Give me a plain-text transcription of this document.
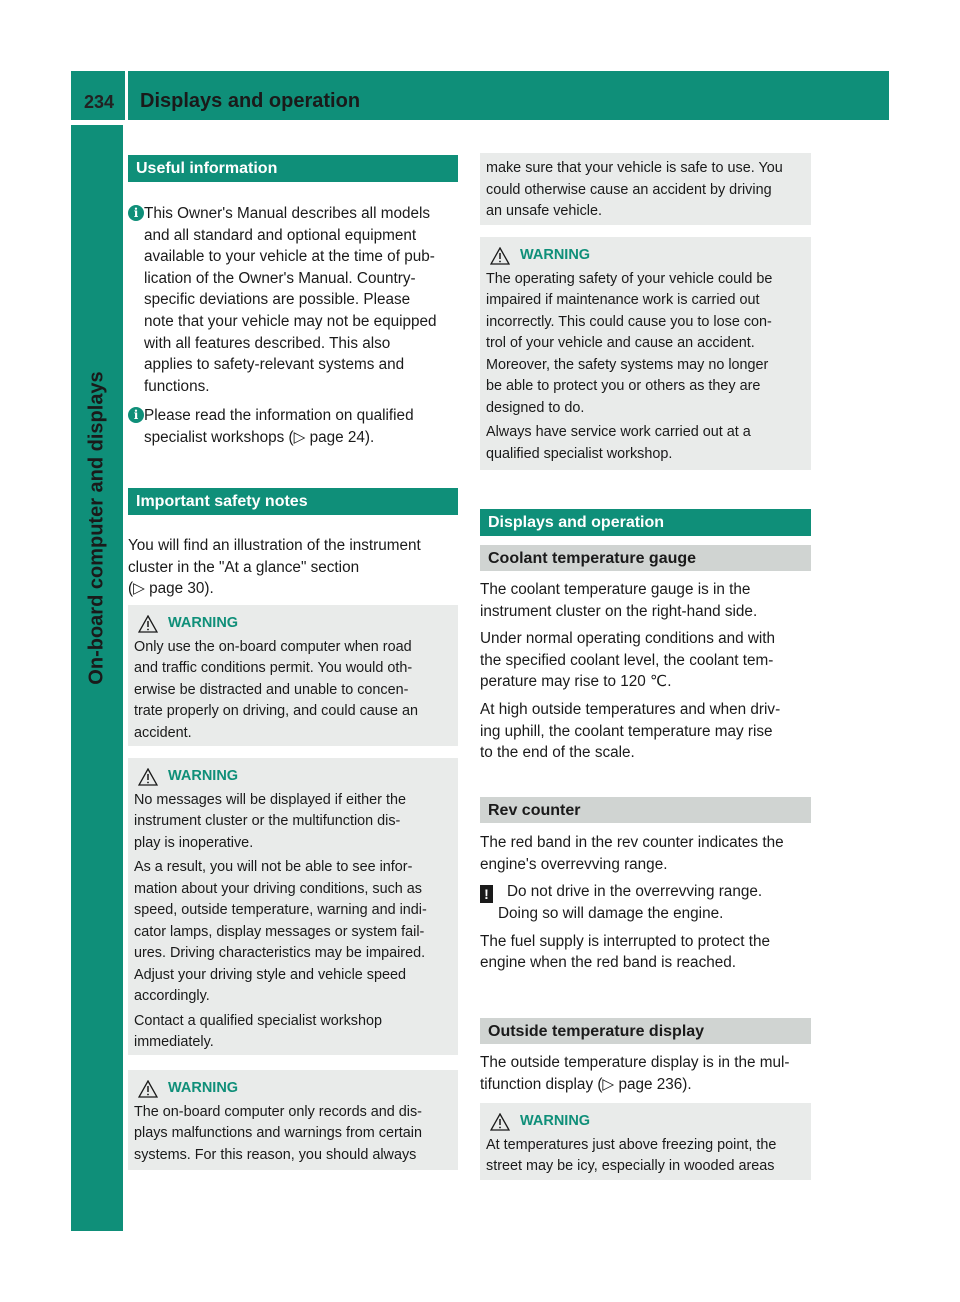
234 Displays and operation
On-board computer and displays
Useful information
i This Owner's Manual describes all models
and all standard and optional equipment
available to your vehicle at the time of pub-
lication of the Owner's Manual. Country-
specific deviations are possible. Please
note that your vehicle may not be equipped
with all features described. This also
applies to safety-relevant systems and
functions.
i Please read the information on qualified
specialist workshops (▷ page 24).
Important safety notes
You will find an illustration of the instrument
cluster in the "At a glance" section
(▷ page 30).
WARNING

Only use the on-board computer when road
and traffic conditions permit. You would oth-
erwise be distracted and unable to concen-
trate properly on driving, and could cause an
accident.

WARNING

No messages will be displayed if either the
instrument cluster or the multifunction dis-
play is inoperative.

As a result, you will not be able to see infor-
mation about your driving conditions, such as
speed, outside temperature, warning and indi-
cator lamps, display messages or system fail-
ures. Driving characteristics may be impaired.
Adjust your driving style and vehicle speed
accordingly.

Contact a qualified specialist workshop
immediately.

WARNING

The on-board computer only records and dis-
plays malfunctions and warnings from certain
systems. For this reason, you should always

make sure that your vehicle is safe to use. You
could otherwise cause an accident by driving
an unsafe vehicle.

WARNING

The operating safety of your vehicle could be
impaired if maintenance work is carried out
incorrectly. This could cause you to lose con-
trol of your vehicle and cause an accident.
Moreover, the safety systems may no longer
be able to protect you or others as they are
designed to do.

Always have service work carried out at a
qualified specialist workshop.

Displays and operation
Coolant temperature gauge

The coolant temperature gauge is in the
instrument cluster on the right-hand side.

Under normal operating conditions and with
the specified coolant level, the coolant tem-
perature may rise to 120 ℃.

At high outside temperatures and when driv-
ing uphill, the coolant temperature may rise
to the end of the scale.

Rev counter

The red band in the rev counter indicates the
engine's overrevving range.

! Do not drive in the overrevving range.

Doing so will damage the engine.

The fuel supply is interrupted to protect the
engine when the red band is reached.

Outside temperature display

The outside temperature display is in the mul-
tifunction display (▷ page 236).

WARNING

At temperatures just above freezing point, the
street may be icy, especially in wooded areas
